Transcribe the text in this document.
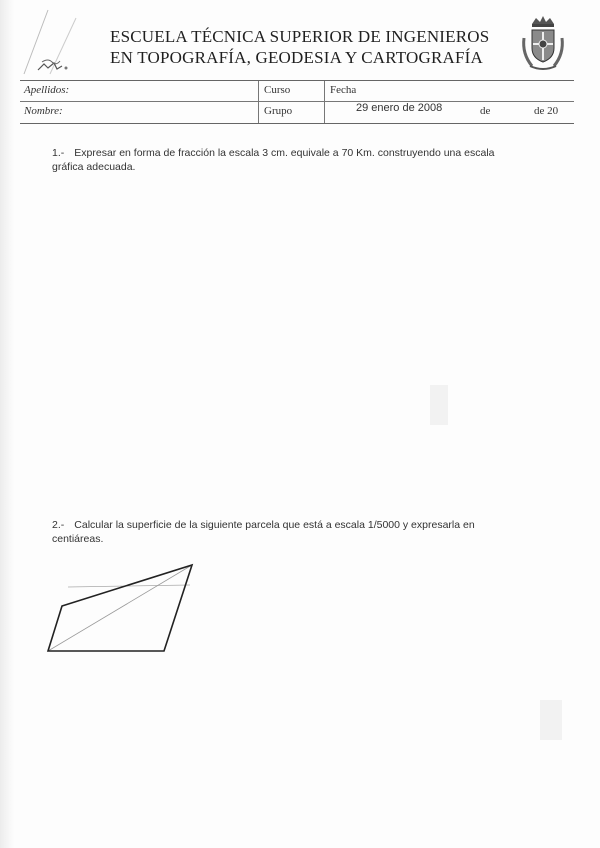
ESCUELA TÉCNICA SUPERIOR DE INGENIEROS
EN TOPOGRAFÍA, GEODESIA Y CARTOGRAFÍA
Apellidos:	Curso	Fecha
Nombre:	Grupo	29 enero de 2008	de	de 20
1.- Expresar en forma de fracción la escala 3 cm. equivale a 70 Km. construyendo una escala gráfica adecuada.
2.- Calcular la superficie de la siguiente parcela que está a escala 1/5000 y expresarla en centiáreas.
